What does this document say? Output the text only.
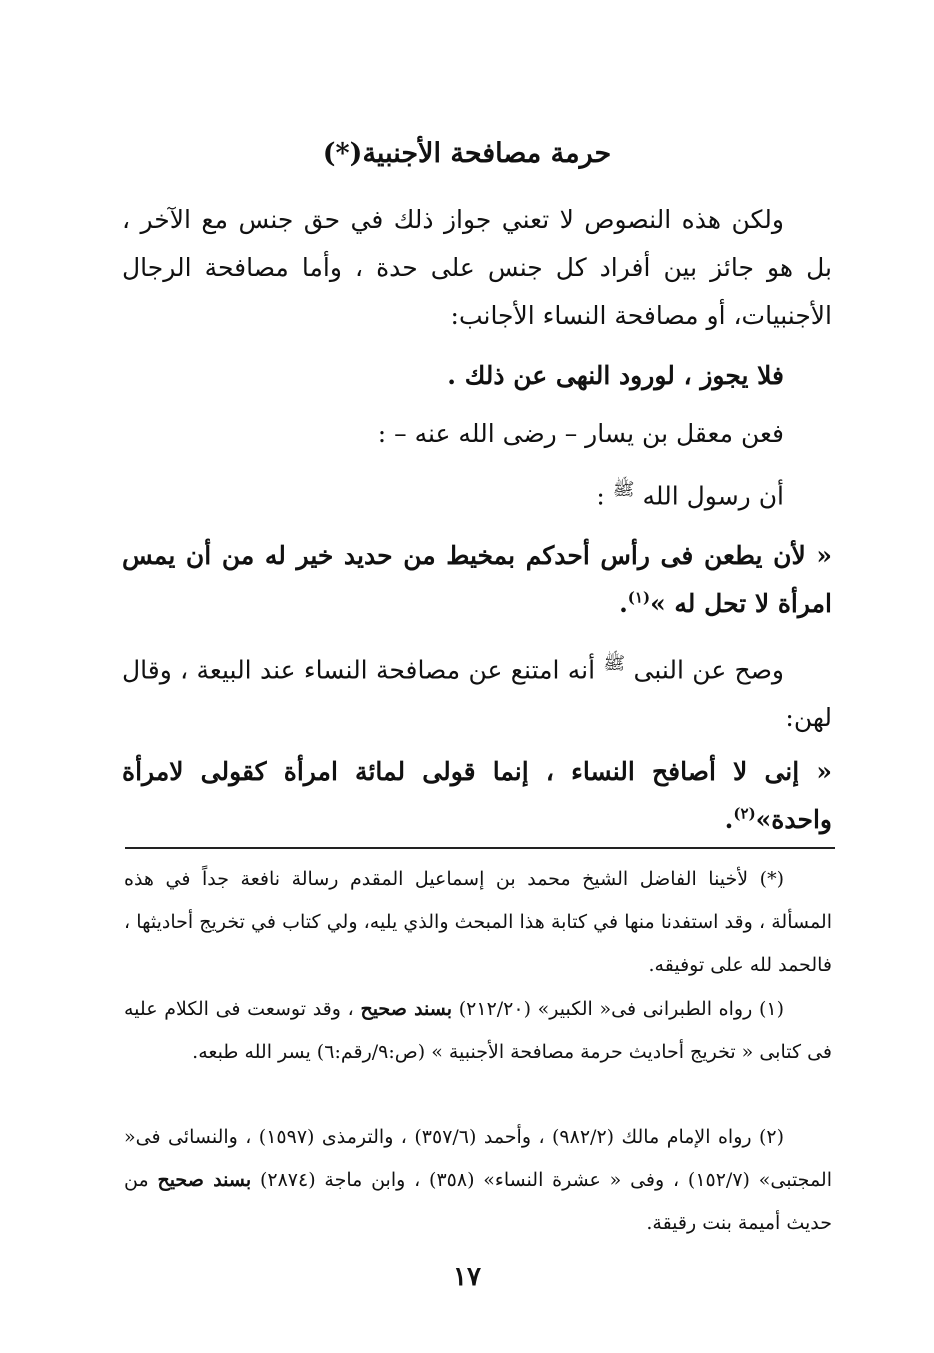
حرمة مصافحة الأجنبية(*)
ولكن هذه النصوص لا تعني جواز ذلك في حق جنس مع الآخر ، بل هو جائز بين أفراد كل جنس على حدة ، وأما مصافحة الرجال الأجنبيات، أو مصافحة النساء الأجانب:
فلا يجوز ، لورود النهى عن ذلك .
فعن معقل بن يسار – رضى الله عنه – :
أن رسول الله $^ﷺ$ :
« لأن يطعن فى رأس أحدكم بمخيط من حديد خير له من أن يمس امرأة لا تحل له »$^{(١)}$.
وصح عن النبى $^ﷺ$ أنه امتنع عن مصافحة النساء عند البيعة ، وقال لهن:
« إنى لا أصافح النساء ، إنما قولى لمائة امرأة كقولى لامرأة واحدة»$^{(٢)}$.
(*) لأخينا الفاضل الشيخ محمد بن إسماعيل المقدم رسالة نافعة جداً في هذه المسألة ، وقد استفدنا منها في كتابة هذا المبحث والذي يليه، ولي كتاب في تخريج أحاديثها ، فالحمد لله على توفيقه.
(١) رواه الطبرانى فى« الكبير» (٢١٢/٢٠) بسند صحيح ، وقد توسعت فى الكلام عليه فى كتابى « تخريج أحاديث حرمة مصافحة الأجنبية » (ص:٩/رقم:٦) يسر الله طبعه.
(٢) رواه الإمام مالك (٩٨٢/٢) ، وأحمد (٣٥٧/٦) ، والترمذى (١٥٩٧) ، والنسائى فى« المجتبى» (١٥٢/٧) ، وفى « عشرة النساء» (٣٥٨) ، وابن ماجة (٢٨٧٤) بسند صحيح من حديث أميمة بنت رقيقة.
١٧
